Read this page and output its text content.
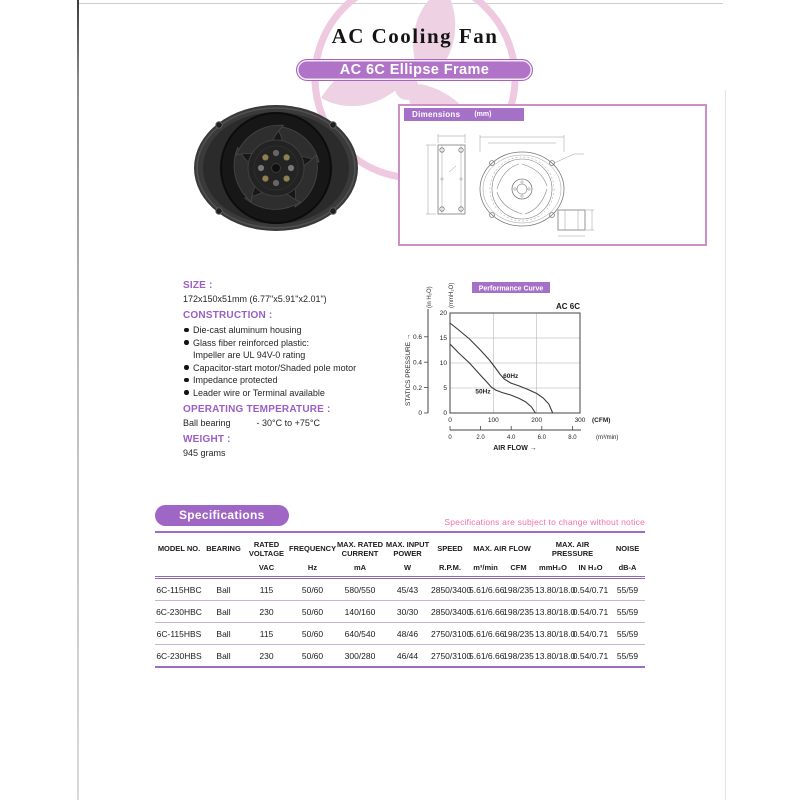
AC Cooling Fan
AC 6C Ellipse Frame
Dimensions (mm)
SIZE :
172x150x51mm (6.77"x5.91"x2.01")
CONSTRUCTION :
Die-cast aluminum housing
Glass fiber reinforced plastic:
Impeller are UL 94V-0 rating
Capacitor-start motor/Shaded pole motor
Impedance protected
Leader wire or Terminal available
OPERATING TEMPERATURE :
Ball bearing	- 30°C to +75°C
WEIGHT :
945 grams
Performance Curve
AC 6C
0
5
10
15
20
0
0.2
0.4
0.6
(in H₂O)	(mmH₂O)
STATICS PRESSURE →
0	100	200	300 (CFM)
0	2.0	4.0	6.0	8.0	(m³/min)
AIR FLOW →
60Hz
50Hz
Specifications	Specifications are subject to change without notice
MODEL NO.	BEARING	RATED VOLTAGE	FREQUENCY	MAX. RATED CURRENT	MAX. INPUT POWER	SPEED	MAX. AIR FLOW		MAX. AIR PRESSURE		NOISE
		VAC	Hz	mA	W	R.P.M.	m³/min	CFM	mmH₂O	IN H₂O	dB-A
6C-115HBC	Ball	115	50/60	580/550	45/43	2850/3400	5.61/6.66	198/235	13.80/18.0	0.54/0.71	55/59
6C-230HBC	Ball	230	50/60	140/160	30/30	2850/3400	5.61/6.66	198/235	13.80/18.0	0.54/0.71	55/59
6C-115HBS	Ball	115	50/60	640/540	48/46	2750/3100	5.61/6.66	198/235	13.80/18.0	0.54/0.71	55/59
6C-230HBS	Ball	230	50/60	300/280	46/44	2750/3100	5.61/6.66	198/235	13.80/18.0	0.54/0.71	55/59
